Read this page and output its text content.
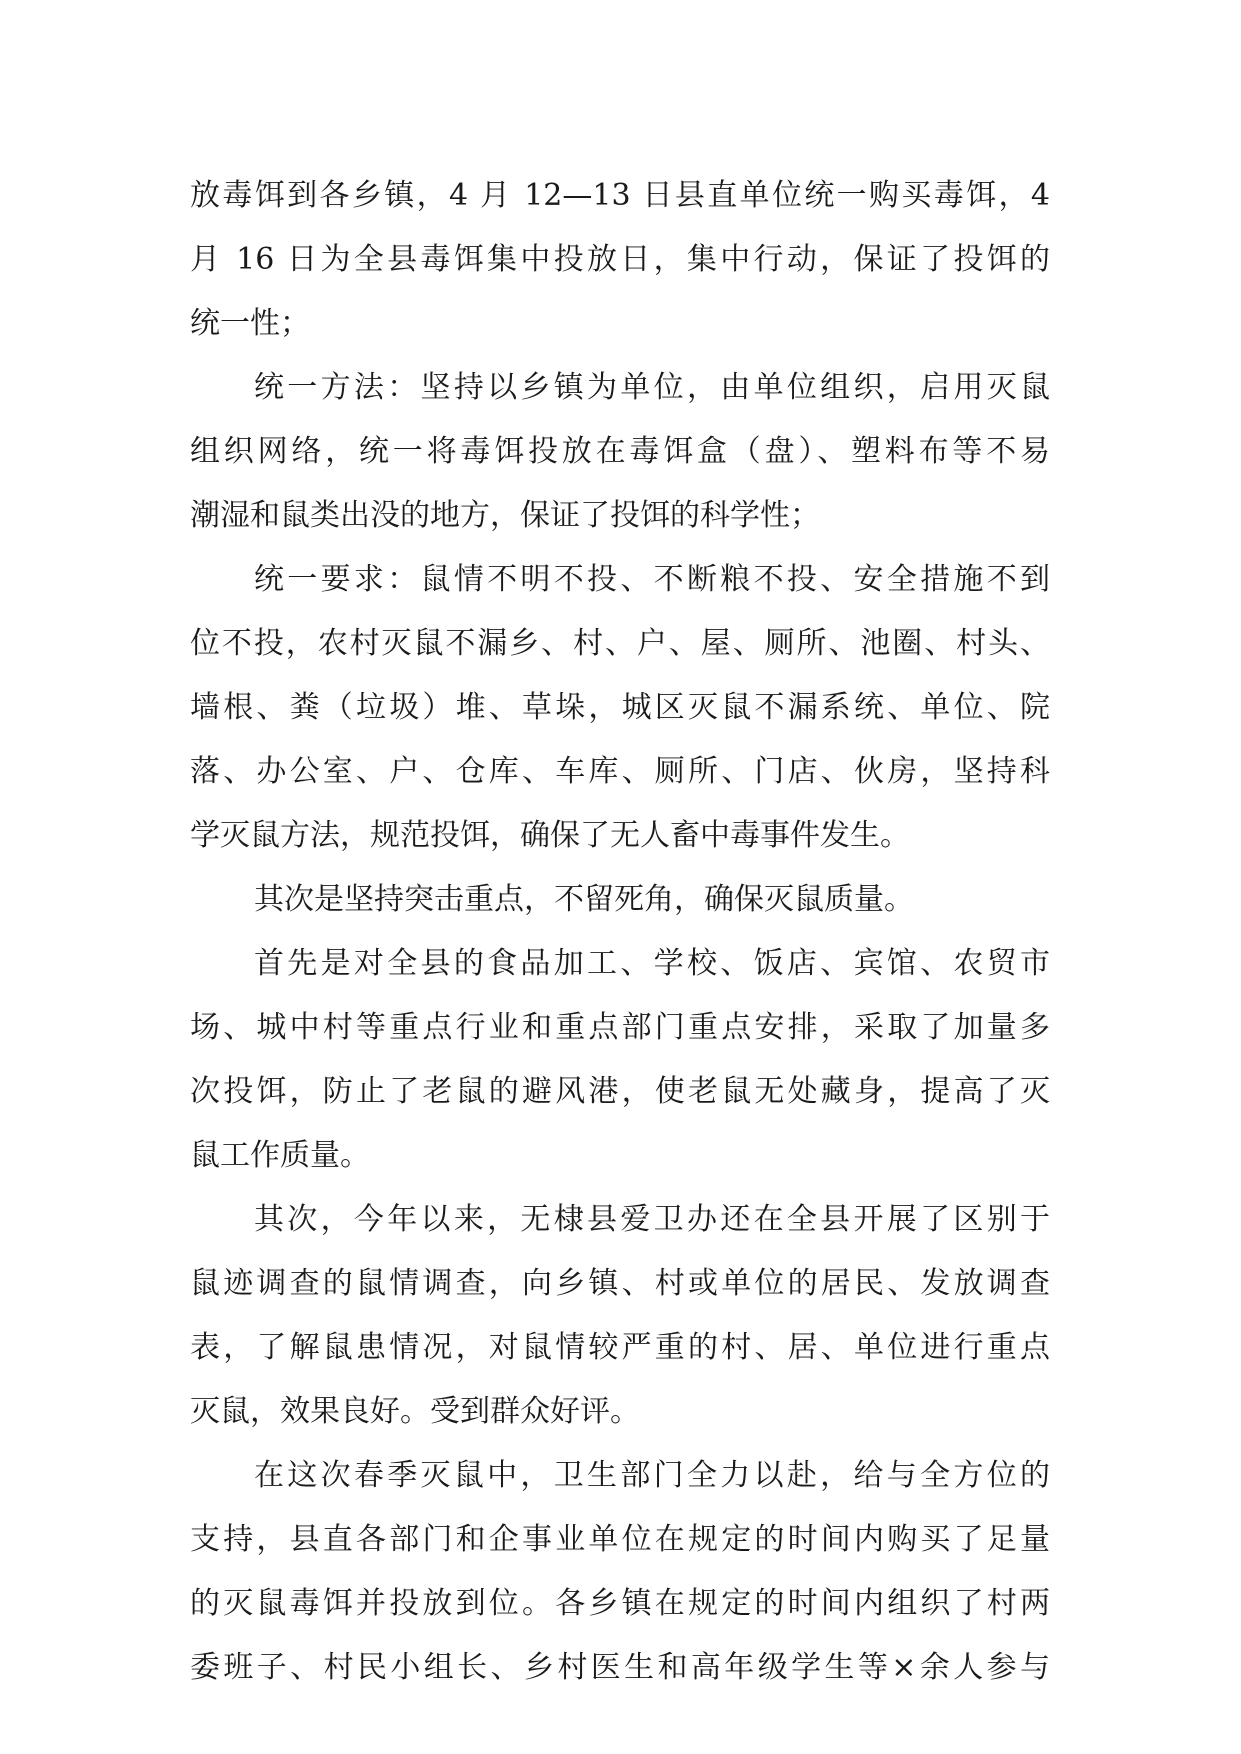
放毒饵到各乡镇，4 月 12—13 日县直单位统一购买毒饵，4
月 16 日为全县毒饵集中投放日，集中行动，保证了投饵的
统一性；
统一方法：坚持以乡镇为单位，由单位组织，启用灭鼠
组织网络，统一将毒饵投放在毒饵盒（盘）、塑料布等不易
潮湿和鼠类出没的地方，保证了投饵的科学性；
统一要求：鼠情不明不投、不断粮不投、安全措施不到
位不投，农村灭鼠不漏乡、村、户、屋、厕所、池圈、村头、
墙根、粪（垃圾）堆、草垛，城区灭鼠不漏系统、单位、院
落、办公室、户、仓库、车库、厕所、门店、伙房，坚持科
学灭鼠方法，规范投饵，确保了无人畜中毒事件发生。
其次是坚持突击重点，不留死角，确保灭鼠质量。
首先是对全县的食品加工、学校、饭店、宾馆、农贸市
场、城中村等重点行业和重点部门重点安排，采取了加量多
次投饵，防止了老鼠的避风港，使老鼠无处藏身，提高了灭
鼠工作质量。
其次，今年以来，无棣县爱卫办还在全县开展了区别于
鼠迹调查的鼠情调查，向乡镇、村或单位的居民、发放调查
表，了解鼠患情况，对鼠情较严重的村、居、单位进行重点
灭鼠，效果良好。受到群众好评。
在这次春季灭鼠中，卫生部门全力以赴，给与全方位的
支持，县直各部门和企事业单位在规定的时间内购买了足量
的灭鼠毒饵并投放到位。各乡镇在规定的时间内组织了村两
委班子、村民小组长、乡村医生和高年级学生等×余人参与
